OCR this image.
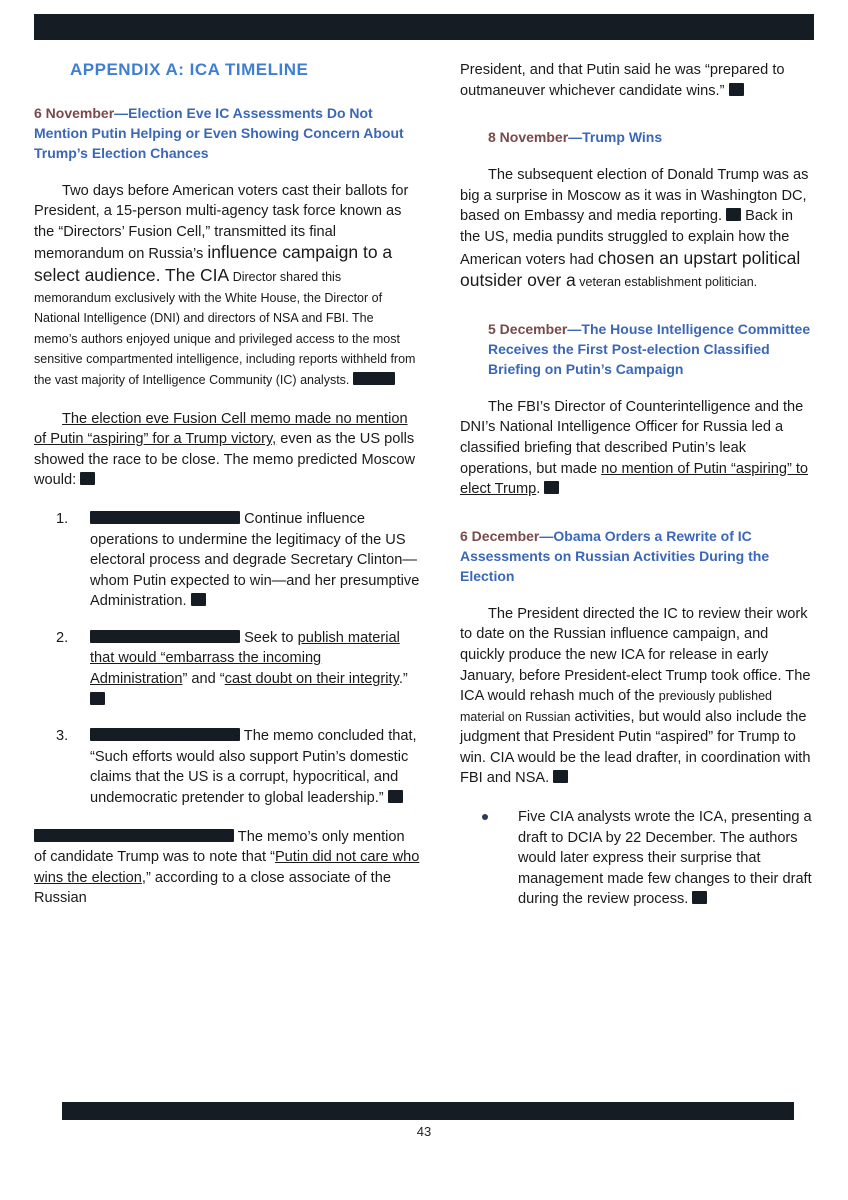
APPENDIX A: ICA TIMELINE
6 November—Election Eve IC Assessments Do Not Mention Putin Helping or Even Showing Concern About Trump’s Election Chances

Two days before American voters cast their ballots for President, a 15-person multi-agency task force known as the “Directors’ Fusion Cell,” transmitted its final memorandum on Russia’s influence campaign to a select audience. The CIA Director shared this memorandum exclusively with the White House, the Director of National Intelligence (DNI) and directors of NSA and FBI. The memo’s authors enjoyed unique and privileged access to the most sensitive compartmented intelligence, including reports withheld from the vast majority of Intelligence Community (IC) analysts.

The election eve Fusion Cell memo made no mention of Putin “aspiring” for a Trump victory, even as the US polls showed the race to be close. The memo predicted Moscow would:

1.	Continue influence operations to undermine the legitimacy of the US electoral process and degrade Secretary Clinton—whom Putin expected to win—and her presumptive Administration.
2.	Seek to publish material that would “embarrass the incoming Administration” and “cast doubt on their integrity.”
3.	The memo concluded that, “Such efforts would also support Putin’s domestic claims that the US is a corrupt, hypocritical, and undemocratic pretender to global leadership.”

The memo’s only mention of candidate Trump was to note that “Putin did not care who wins the election,” according to a close associate of the Russian

President, and that Putin said he was “prepared to outmaneuver whichever candidate wins.”

8 November—Trump Wins

The subsequent election of Donald Trump was as big a surprise in Moscow as it was in Washington DC, based on Embassy and media reporting.  Back in the US, media pundits struggled to explain how the American voters had chosen an upstart political outsider over a veteran establishment politician.

5 December—The House Intelligence Committee Receives the First Post-election Classified Briefing on Putin’s Campaign

The FBI’s Director of Counterintelligence and the DNI’s National Intelligence Officer for Russia led a classified briefing that described Putin’s leak operations, but made no mention of Putin “aspiring” to elect Trump.

6 December—Obama Orders a Rewrite of IC Assessments on Russian Activities During the Election

The President directed the IC to review their work to date on the Russian influence campaign, and quickly produce the new ICA for release in early January, before President-elect Trump took office. The ICA would rehash much of the previously published material on Russian activities, but would also include the judgment that President Putin “aspired” for Trump to win. CIA would be the lead drafter, in coordination with FBI and NSA.

Five CIA analysts wrote the ICA, presenting a draft to DCIA by 22 December. The authors would later express their surprise that management made few changes to their draft during the review process.
43
